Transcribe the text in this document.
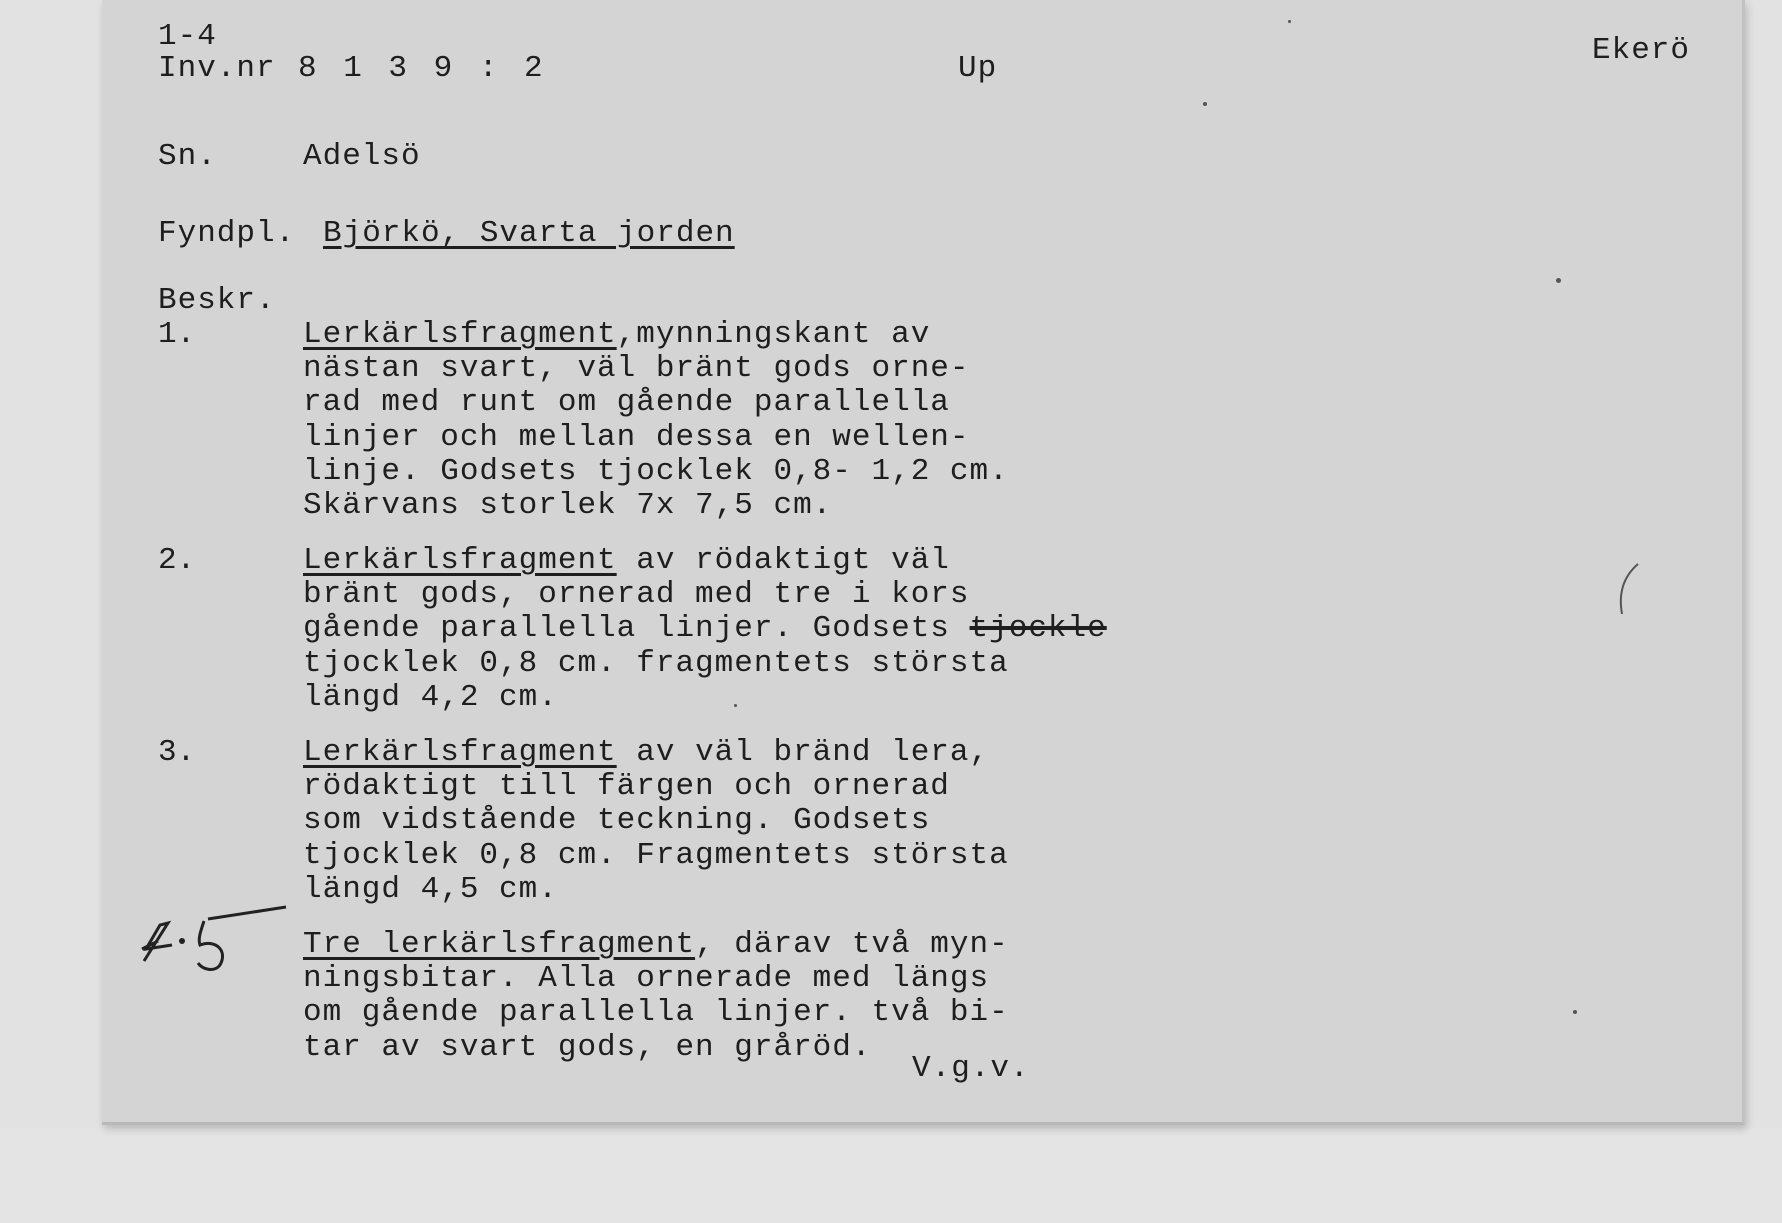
1-4
Inv.nr 8 1 3 9 : 2	Up
Ekerö
Sn.	Adelsö
Fyndpl. Björkö, Svarta jorden
Beskr.
1.	Lerkärlsfragment,mynningskant av
nästan svart, väl bränt gods orne-
rad med runt om gående parallella
linjer och mellan dessa en wellen-
linje. Godsets tjocklek 0,8- 1,2 cm.
Skärvans storlek 7x 7,5 cm.
2.	Lerkärlsfragment av rödaktigt väl
bränt gods, ornerad med tre i kors
gående parallella linjer. Godsets tjockle
tjocklek 0,8 cm. fragmentets största
längd 4,2 cm.
3.	Lerkärlsfragment av väl bränd lera,
rödaktigt till färgen och ornerad
som vidstående teckning. Godsets
tjocklek 0,8 cm. Fragmentets största
längd 4,5 cm.
Tre lerkärlsfragment, därav två myn-
ningsbitar. Alla ornerade med längs
om gående parallella linjer. två bi-
tar av svart gods, en gråröd.
V.g.v.
